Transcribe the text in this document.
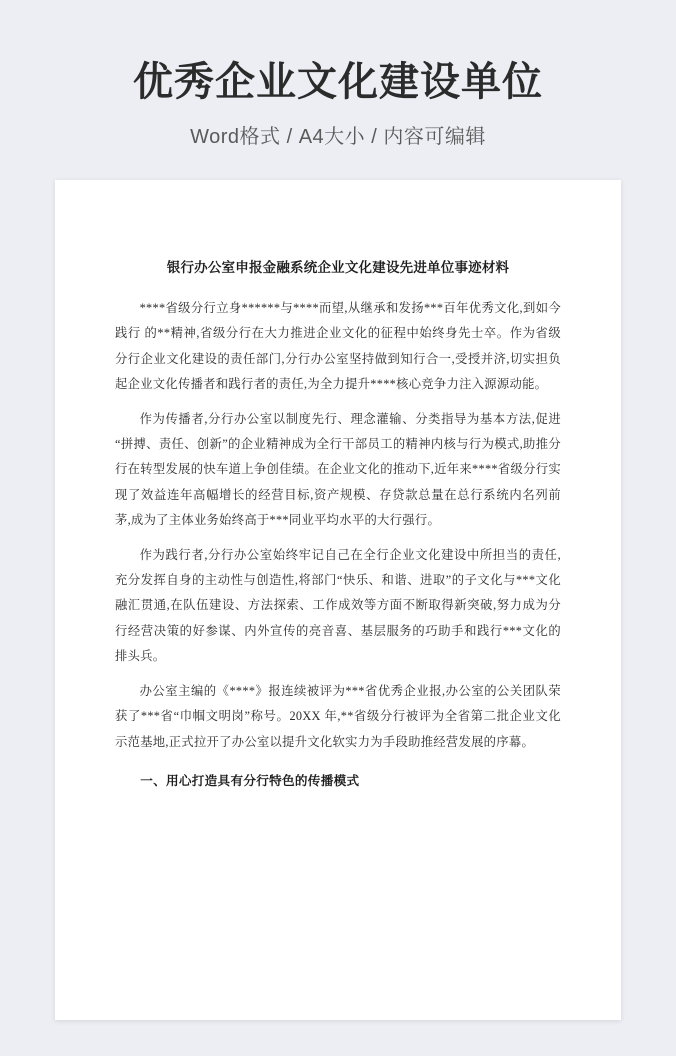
优秀企业文化建设单位
Word格式 / A4大小 / 内容可编辑
银行办公室申报金融系统企业文化建设先进单位事迹材料

****省级分行立身******与****而望,从继承和发扬***百年优秀文化,到如今践行 的**精神,省级分行在大力推进企业文化的征程中始终身先士卒。作为省级分行企业文化建设的责任部门,分行办公室坚持做到知行合一,受授并济,切实担负起企业文化传播者和践行者的责任,为全力提升****核心竞争力注入源源动能。

作为传播者,分行办公室以制度先行、理念灌输、分类指导为基本方法,促进“拼搏、责任、创新”的企业精神成为全行干部员工的精神内核与行为模式,助推分行在转型发展的快车道上争创佳绩。在企业文化的推动下,近年来****省级分行实现了效益连年高幅增长的经营目标,资产规模、存贷款总量在总行系统内名列前茅,成为了主体业务始终高于***同业平均水平的大行强行。

作为践行者,分行办公室始终牢记自己在全行企业文化建设中所担当的责任,充分发挥自身的主动性与创造性,将部门“快乐、和谐、进取”的子文化与***文化融汇贯通,在队伍建设、方法探索、工作成效等方面不断取得新突破,努力成为分行经营决策的好参谋、内外宣传的亮音喜、基层服务的巧助手和践行***文化的排头兵。

办公室主编的《****》报连续被评为***省优秀企业报,办公室的公关团队荣获了***省“巾帼文明岗”称号。20XX 年,**省级分行被评为全省第二批企业文化示范基地,正式拉开了办公室以提升文化软实力为手段助推经营发展的序幕。

一、用心打造具有分行特色的传播模式
